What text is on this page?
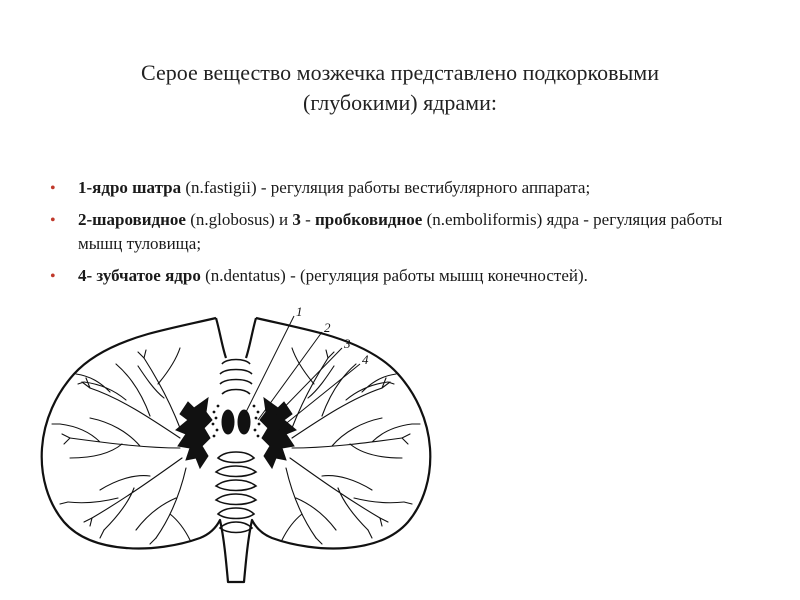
Серое вещество мозжечка представлено подкорковыми
(глубокими) ядрами:
• 1-ядро шатра (n.fastigii) - регуляция работы вестибулярного аппарата;
• 2-шаровидное (n.globosus) и 3 - пробковидное (n.emboliformis) ядра - регуляция работы мышц туловища;
• 4- зубчатое ядро (n.dentatus) - (регуляция работы мышц конечностей).
1
2
3
4
